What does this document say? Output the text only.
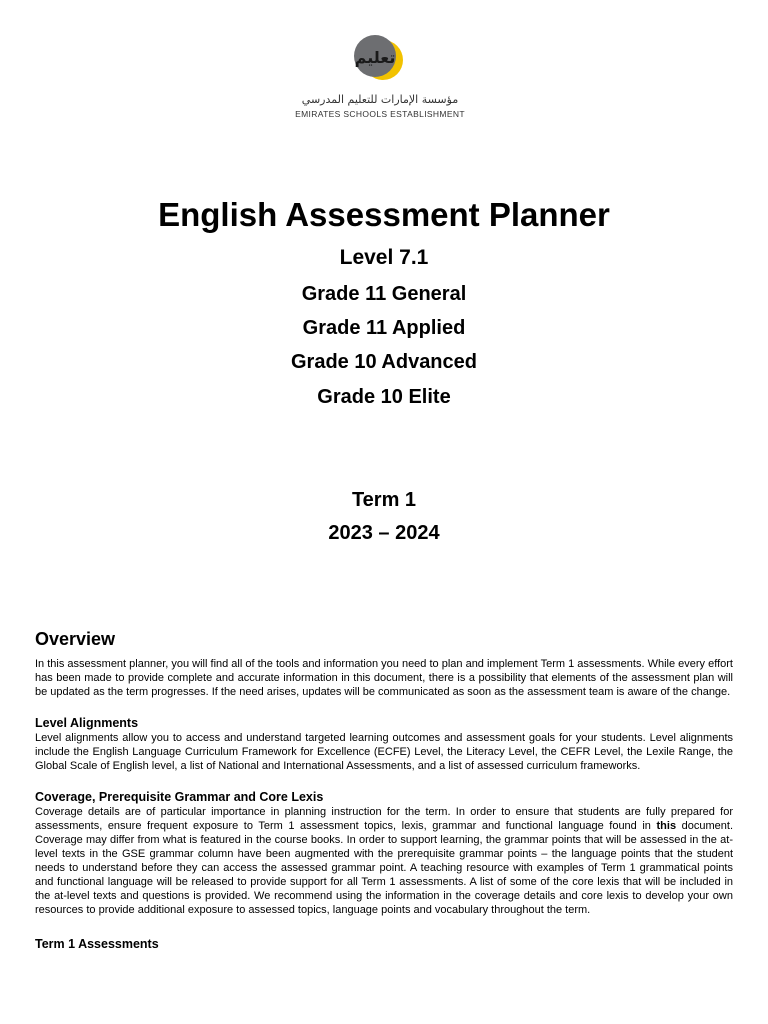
تعليم
مؤسسة الإمارات للتعليم المدرسي
EMIRATES SCHOOLS ESTABLISHMENT
English Assessment Planner
Level 7.1
Grade 11 General
Grade 11 Applied
Grade 10 Advanced
Grade 10 Elite
Term 1
2023 – 2024
Overview

In this assessment planner, you will find all of the tools and information you need to plan and implement Term 1 assessments. While every effort has been made to provide complete and accurate information in this document, there is a possibility that elements of the assessment plan will be updated as the term progresses. If the need arises, updates will be communicated as soon as the assessment team is aware of the change.

Level Alignments

Level alignments allow you to access and understand targeted learning outcomes and assessment goals for your students. Level alignments include the English Language Curriculum Framework for Excellence (ECFE) Level, the Literacy Level, the CEFR Level, the Lexile Range, the Global Scale of English level, a list of National and International Assessments, and a list of assessed curriculum frameworks.

Coverage, Prerequisite Grammar and Core Lexis

Coverage details are of particular importance in planning instruction for the term. In order to ensure that students are fully prepared for assessments, ensure frequent exposure to Term 1 assessment topics, lexis, grammar and functional language found in this document. Coverage may differ from what is featured in the course books. In order to support learning, the grammar points that will be assessed in the at-level texts in the GSE grammar column have been augmented with the prerequisite grammar points – the language points that the student needs to understand before they can access the assessed grammar point. A teaching resource with examples of Term 1 grammatical points and functional language will be released to provide support for all Term 1 assessments. A list of some of the core lexis that will be included in the at-level texts and questions is provided. We recommend using the information in the coverage details and core lexis to develop your own resources to provide additional exposure to assessed topics, language points and vocabulary throughout the term.

Term 1 Assessments
